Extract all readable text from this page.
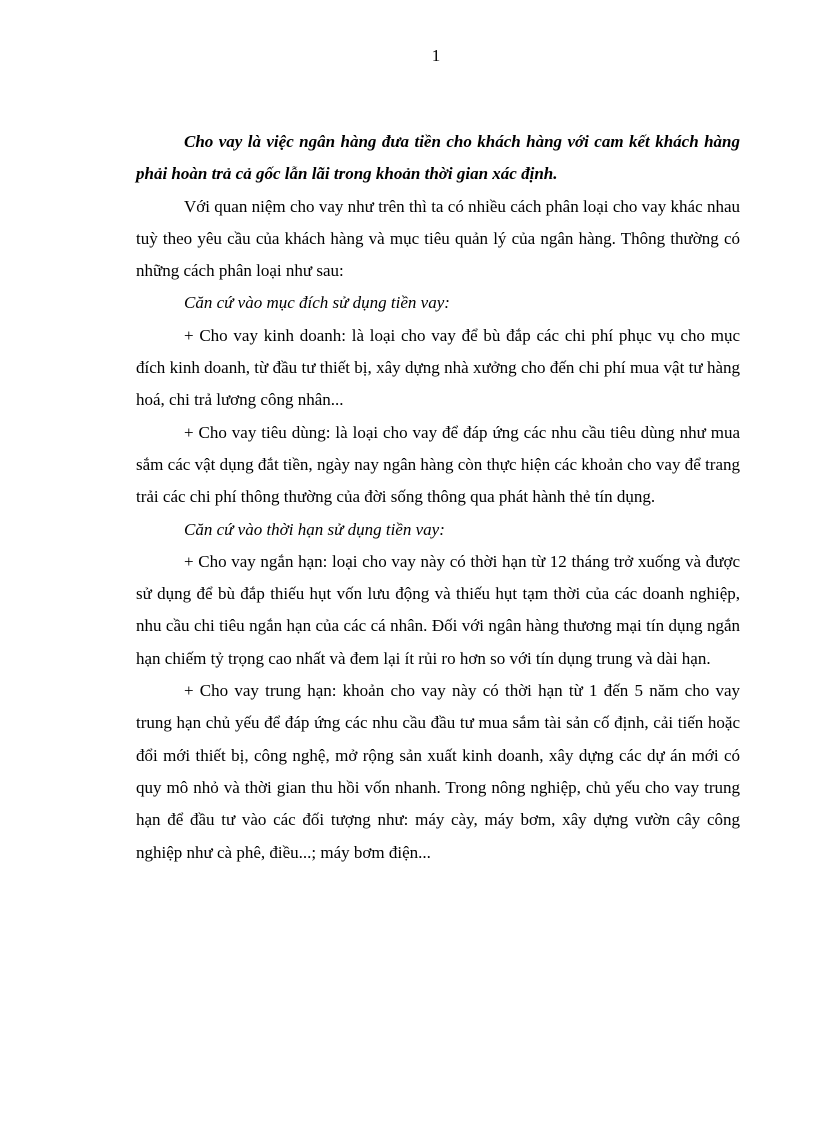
1

Cho vay là việc ngân hàng đưa tiền cho khách hàng với cam kết khách hàng phải hoàn trả cả gốc lẫn lãi trong khoản thời gian xác định.

Với quan niệm cho vay như trên thì ta có nhiều cách phân loại cho vay khác nhau tuỳ theo yêu cầu của khách hàng và mục tiêu quản lý của ngân hàng. Thông thường có những cách phân loại như sau:

Căn cứ vào mục đích sử dụng tiền vay:

+ Cho vay kinh doanh: là loại cho vay để bù đắp các chi phí phục vụ cho mục đích kinh doanh, từ đầu tư thiết bị, xây dựng nhà xưởng cho đến chi phí mua vật tư hàng hoá, chi trả lương công nhân...

+ Cho vay tiêu dùng: là loại cho vay để đáp ứng các nhu cầu tiêu dùng như mua sắm các vật dụng đắt tiền, ngày nay ngân hàng còn thực hiện các khoản cho vay để trang trải các chi phí thông thường của đời sống thông qua phát hành thẻ tín dụng.

Căn cứ vào thời hạn sử dụng tiền vay:

+ Cho vay ngắn hạn: loại cho vay này có thời hạn từ 12 tháng trở xuống và được sử dụng để bù đắp thiếu hụt vốn lưu động và thiếu hụt tạm thời của các doanh nghiệp, nhu cầu chi tiêu ngắn hạn của các cá nhân. Đối với ngân hàng thương mại tín dụng ngắn hạn chiếm tỷ trọng cao nhất và đem lại ít rủi ro hơn so với tín dụng trung và dài hạn.

+ Cho vay trung hạn: khoản cho vay này có thời hạn từ 1 đến 5 năm cho vay trung hạn chủ yếu để đáp ứng các nhu cầu đầu tư mua sắm tài sản cố định, cải tiến hoặc đổi mới thiết bị, công nghệ, mở rộng sản xuất kinh doanh, xây dựng các dự án mới có quy mô nhỏ và thời gian thu hồi vốn nhanh. Trong nông nghiệp, chủ yếu cho vay trung hạn để đầu tư vào các đối tượng như: máy cày, máy bơm, xây dựng vườn cây công nghiệp như cà phê, điều...; máy bơm điện...
